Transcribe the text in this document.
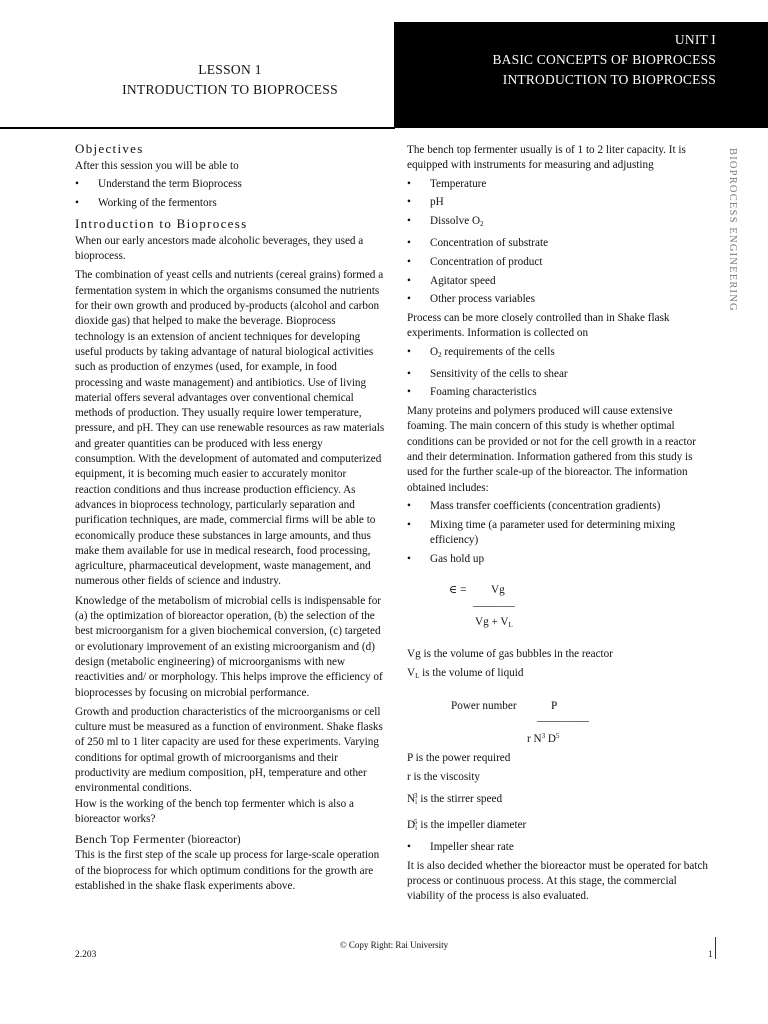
LESSON 1
INTRODUCTION TO BIOPROCESS
UNIT I
BASIC CONCEPTS OF BIOPROCESS
INTRODUCTION TO BIOPROCESS
BIOPROCESS ENGINEERING
Objectives

After this session you will be able to

• Understand the term Bioprocess
• Working of the fermentors
Introduction to Bioprocess

When our early ancestors made alcoholic beverages, they used a bioprocess.

The combination of yeast cells and nutrients (cereal grains) formed a fermentation system in which the organisms consumed the nutrients for their own growth and produced by-products (alcohol and carbon dioxide gas) that helped to make the beverage. Bioprocess technology is an extension of ancient techniques for developing useful products by taking advantage of natural biological activities such as production of enzymes (used, for example, in food processing and waste management) and antibiotics. Use of living material offers several advantages over conventional chemical methods of production. They usually require lower temperature, pressure, and pH. They can use renewable resources as raw materials and greater quantities can be produced with less energy consumption. With the development of automated and computerized equipment, it is becoming much easier to accurately monitor reaction conditions and thus increase production efficiency. As advances in bioprocess technology, particularly separation and purification techniques, are made, commercial firms will be able to economically produce these substances in large amounts, and thus make them available for use in medical research, food processing, agriculture, pharmaceutical development, waste management, and numerous other fields of science and industry.

Knowledge of the metabolism of microbial cells is indispensable for (a) the optimization of bioreactor operation, (b) the selection of the best microorganism for a given biochemical conversion, (c) targeted or evolutionary improvement of an existing microorganism and (d) design (metabolic engineering) of microorganisms with new reactivities and/ or morphology. This helps improve the efficiency of bioprocesses by focusing on microbial performance.

Growth and production characteristics of the microorganisms or cell culture must be measured as a function of environment. Shake flasks of 250 ml to 1 liter capacity are used for these experiments. Varying conditions for optimal growth of microorganisms and their productivity are medium composition, pH, temperature and other environmental conditions.

How is the working of the bench top fermenter which is also a bioreactor works?

Bench Top Fermenter (bioreactor)

This is the first step of the scale up process for large-scale operation of the bioprocess for which optimum conditions for the growth are established in the shake flask experiments above.

The bench top fermenter usually is of 1 to 2 liter capacity. It is equipped with instruments for measuring and adjusting

• Temperature
• pH
• Dissolve $O_2$
• Concentration of substrate
• Concentration of product
• Agitator speed
• Other process variables

Process can be more closely controlled than in Shake flask experiments. Information is collected on

• $O_2$ requirements of the cells
• Sensitivity of the cells to shear
• Foaming characteristics

Many proteins and polymers produced will cause extensive foaming. The main concern of this study is whether optimal conditions can be provided or not for the cell growth in a reactor and their determination. Information gathered from this study is used for the further scale-up of the bioreactor. The information obtained includes:

• Mass transfer coefficients (concentration gradients)
• Mixing time (a parameter used for determining mixing efficiency)
• Gas hold up
∈ = Vg
————
$Vg + V_L$

Vg is the volume of gas bubbles in the reactor

$V_L$ is the volume of liquid

Power number	P
—————
r $N^3$ $D^5$

P is the power required

r is the viscosity

$N_i^3$ is the stirrer speed

$D_i^5$ is the impeller diameter

• Impeller shear rate

It is also decided whether the bioreactor must be operated for batch process or continuous process. At this stage, the commercial viability of the process is also evaluated.

© Copy Right: Rai University
2.203	1
